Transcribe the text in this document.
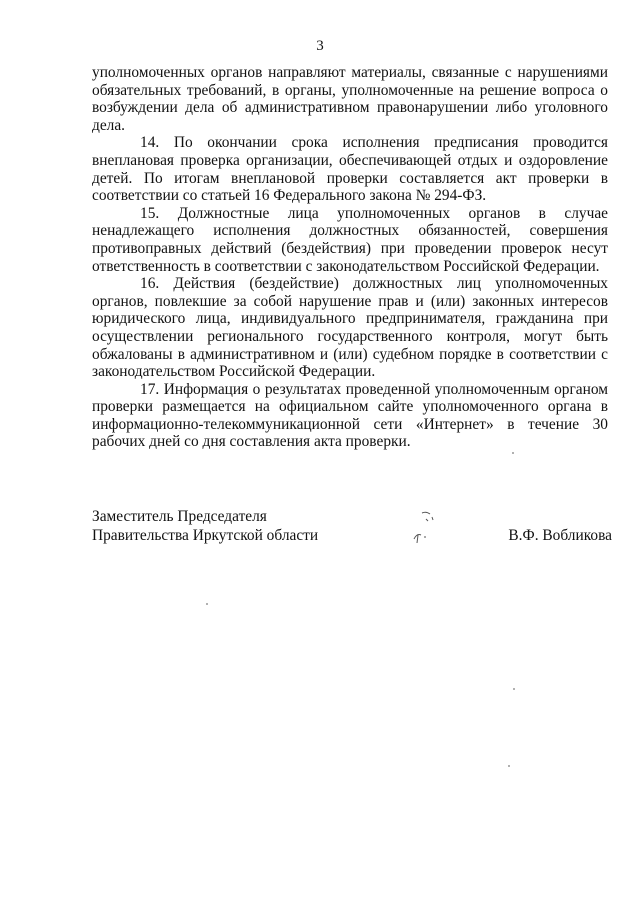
3

уполномоченных органов направляют материалы, связанные с нарушениями обязательных требований, в органы, уполномоченные на решение вопроса о возбуждении дела об административном правонарушении либо уголовного дела.

14. По окончании срока исполнения предписания проводится внеплановая проверка организации, обеспечивающей отдых и оздоровление детей. По итогам внеплановой проверки составляется акт проверки в соответствии со статьей 16 Федерального закона № 294-ФЗ.

15. Должностные лица уполномоченных органов в случае ненадлежащего исполнения должностных обязанностей, совершения противоправных действий (бездействия) при проведении проверок несут ответственность в соответствии с законодательством Российской Федерации.

16. Действия (бездействие) должностных лиц уполномоченных органов, повлекшие за собой нарушение прав и (или) законных интересов юридического лица, индивидуального предпринимателя, гражданина при осуществлении регионального государственного контроля, могут быть обжалованы в административном и (или) судебном порядке в соответствии с законодательством Российской Федерации.

17. Информация о результатах проведенной уполномоченным органом проверки размещается на официальном сайте уполномоченного органа в информационно-телекоммуникационной сети «Интернет» в течение 30 рабочих дней со дня составления акта проверки.

Заместитель Председателя
Правительства Иркутской области	В.Ф. Вобликова
